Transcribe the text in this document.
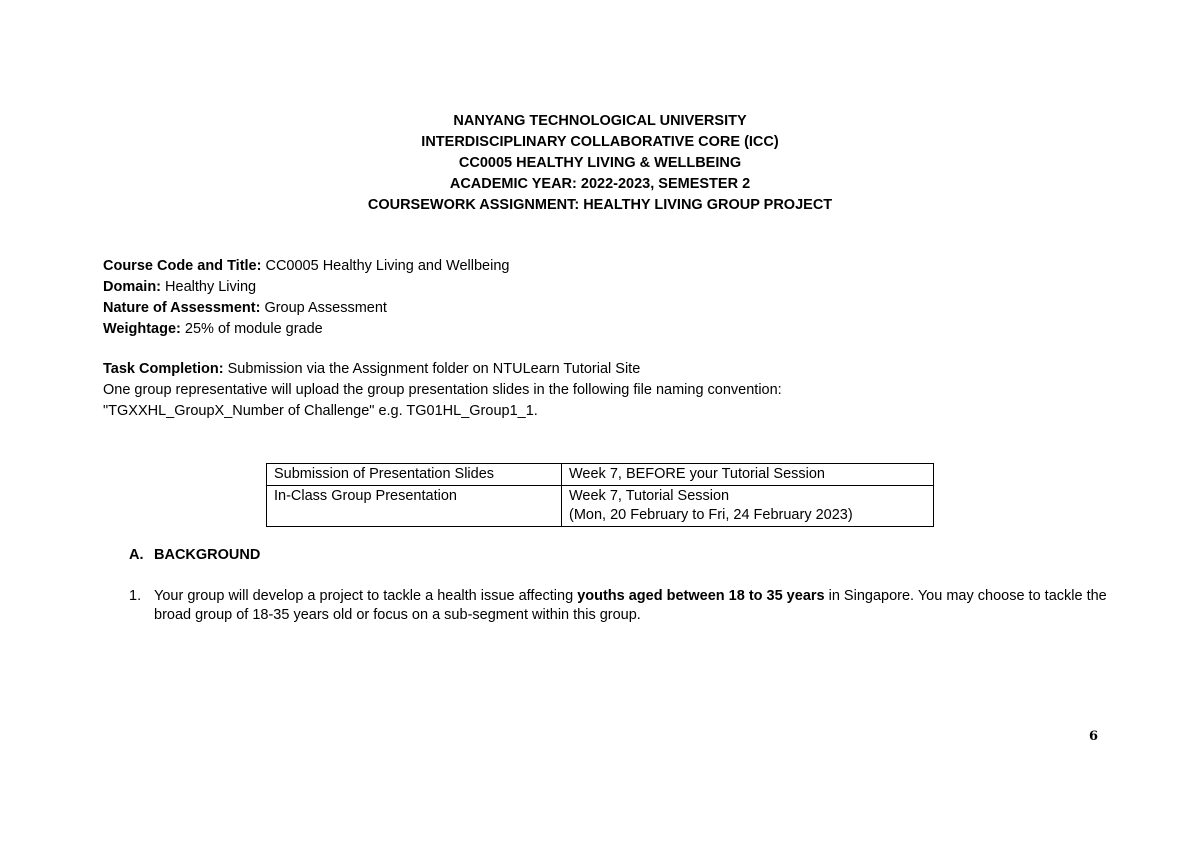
NANYANG TECHNOLOGICAL UNIVERSITY
INTERDISCIPLINARY COLLABORATIVE CORE (ICC)
CC0005 HEALTHY LIVING & WELLBEING
ACADEMIC YEAR: 2022-2023, SEMESTER 2
COURSEWORK ASSIGNMENT: HEALTHY LIVING GROUP PROJECT
Course Code and Title: CC0005 Healthy Living and Wellbeing
Domain: Healthy Living
Nature of Assessment: Group Assessment
Weightage: 25% of module grade
Task Completion: Submission via the Assignment folder on NTULearn Tutorial Site
One group representative will upload the group presentation slides in the following file naming convention:
"TGXXHL_GroupX_Number of Challenge" e.g. TG01HL_Group1_1.
Submission of Presentation Slides	Week 7, BEFORE your Tutorial Session
In-Class Group Presentation	Week 7, Tutorial Session
(Mon, 20 February to Fri, 24 February 2023)
A. BACKGROUND
1. Your group will develop a project to tackle a health issue affecting youths aged between 18 to 35 years in Singapore. You may choose to tackle the broad group of 18-35 years old or focus on a sub-segment within this group.
6
